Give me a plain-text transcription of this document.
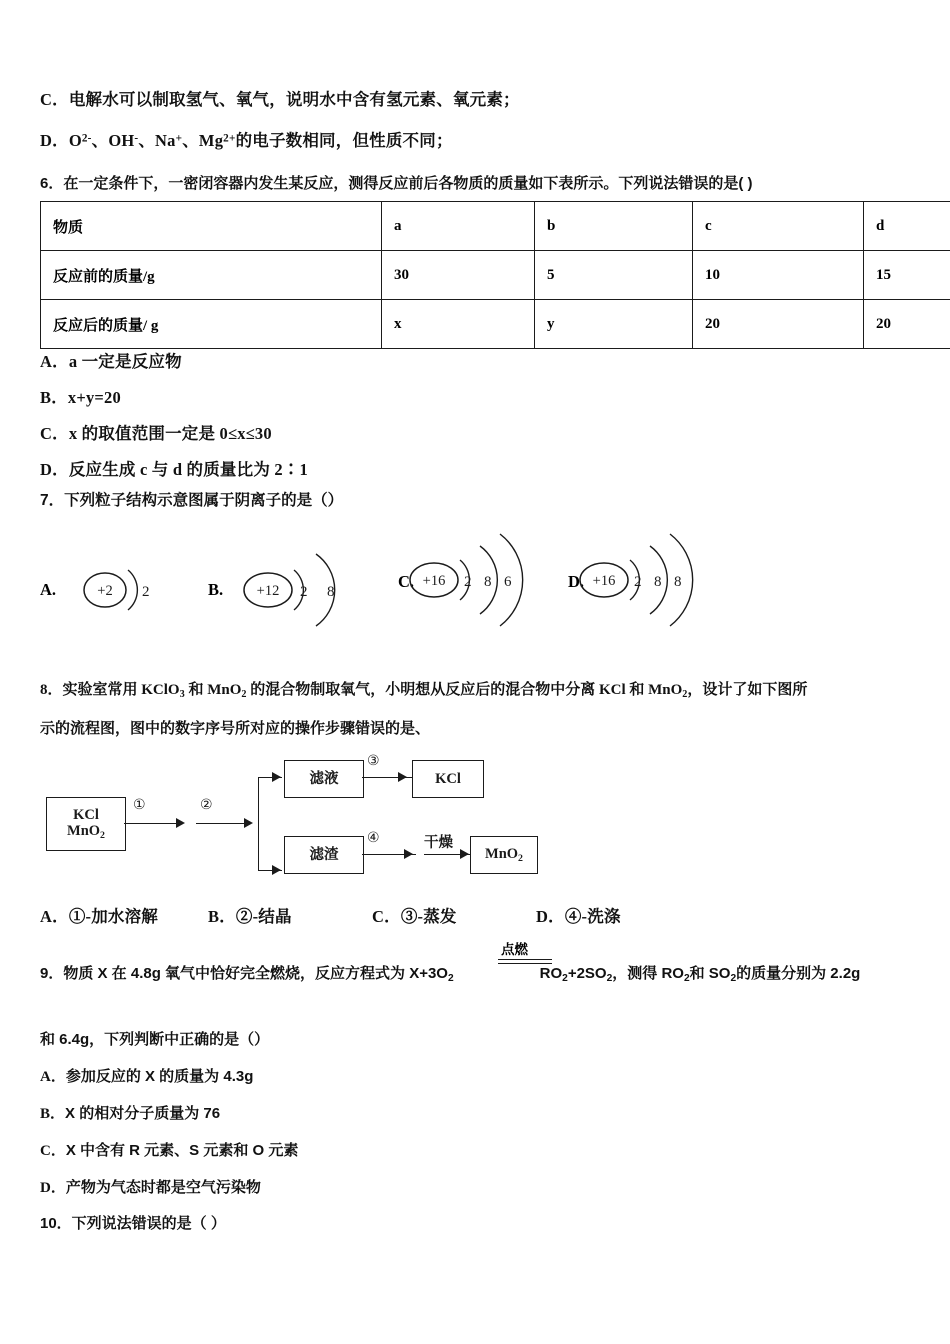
C．电解水可以制取氢气、氧气，说明水中含有氢元素、氧元素；
D．$O^{2-}$、OH-、Na+、$Mg^{2+}$的电子数相同，但性质不同；
6．在一定条件下，一密闭容器内发生某反应，测得反应前后各物质的质量如下表所示。下列说法错误的是( )
物质	a	b	c	d
反应前的质量/g	30	5	10	15
反应后的质量/ g	x	y	20	20
A．a 一定是反应物
B．x+y=20
C．x 的取值范围一定是 0≤x≤30
D．反应生成 c 与 d 的质量比为 2∶1
7．下列粒子结构示意图属于阴离子的是（）
A.	+2 2	B. +12 2 8
C. +16 2 8 6	D. +16 2 8 8
8．实验室常用 KClO$_3$ 和 MnO$_2$ 的混合物制取氧气，小明想从反应后的混合物中分离 KCl 和 MnO$_2$，设计了如下图所
示的流程图，图中的数字序号所对应的操作步骤错误的是、
KCl
MnO$_2$
①	②
滤液
③
KCl
滤渣
④	干燥
MnO$_2$
A．①-加水溶解	B．②-结晶	C．③-蒸发	D．④-洗涤
9．物质 X 在 4.8g 氧气中恰好完全燃烧，反应方程式为 $X+3O_2$	$RO_2+2SO_2$，测得 $RO_2$和 $SO_2$的质量分别为 2.2g
点燃
和 6.4g，下列判断中正确的是（）
A．参加反应的 X 的质量为 4.3g
B．X 的相对分子质量为 76
C．X 中含有 R 元素、S 元素和 O 元素
D．产物为气态时都是空气污染物
10．下列说法错误的是（ ）
